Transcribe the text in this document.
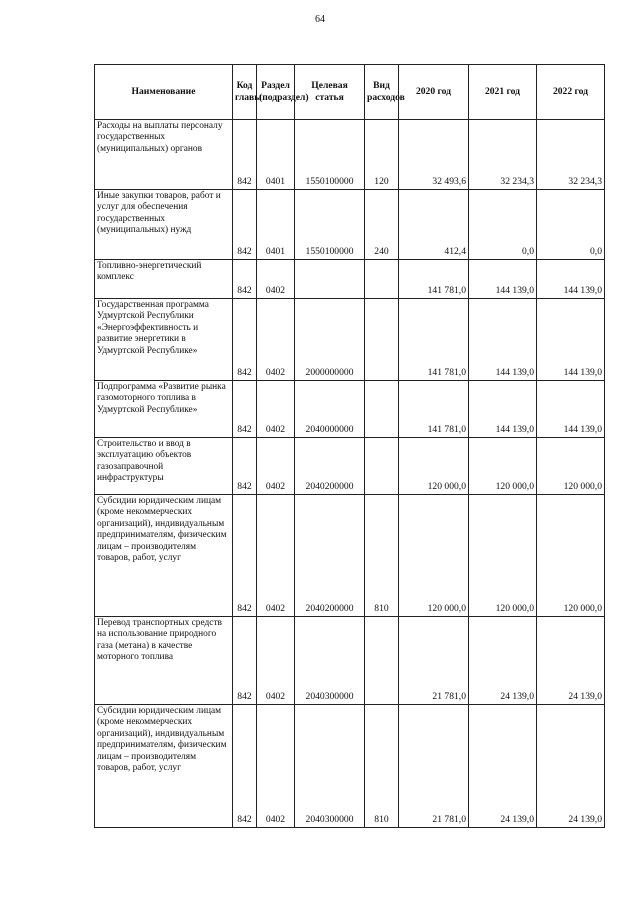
64
Наименование	Код главы	Раздел (подраздел)	Целевая статья	Вид расходов	2020 год	2021 год	2022 год
Расходы на выплаты персоналу государственных (муниципальных) органов	842	0401	1550100000	120	32 493,6	32 234,3	32 234,3
Иные закупки товаров, работ и услуг для обеспечения государственных (муниципальных) нужд	842	0401	1550100000	240	412,4	0,0	0,0
Топливно-энергетический комплекс	842	0402			141 781,0	144 139,0	144 139,0
Государственная программа Удмуртской Республики «Энергоэффективность и развитие энергетики в Удмуртской Республике»	842	0402	2000000000		141 781,0	144 139,0	144 139,0
Подпрограмма «Развитие рынка газомоторного топлива в Удмуртской Республике»	842	0402	2040000000		141 781,0	144 139,0	144 139,0
Строительство и ввод в эксплуатацию объектов газозаправочной инфраструктуры	842	0402	2040200000		120 000,0	120 000,0	120 000,0
Субсидии юридическим лицам (кроме некоммерческих организаций), индивидуальным предпринимателям, физическим лицам – производителям товаров, работ, услуг	842	0402	2040200000	810	120 000,0	120 000,0	120 000,0
Перевод транспортных средств на использование природного газа (метана) в качестве моторного топлива	842	0402	2040300000		21 781,0	24 139,0	24 139,0
Субсидии юридическим лицам (кроме некоммерческих организаций), индивидуальным предпринимателям, физическим лицам – производителям товаров, работ, услуг	842	0402	2040300000	810	21 781,0	24 139,0	24 139,0
